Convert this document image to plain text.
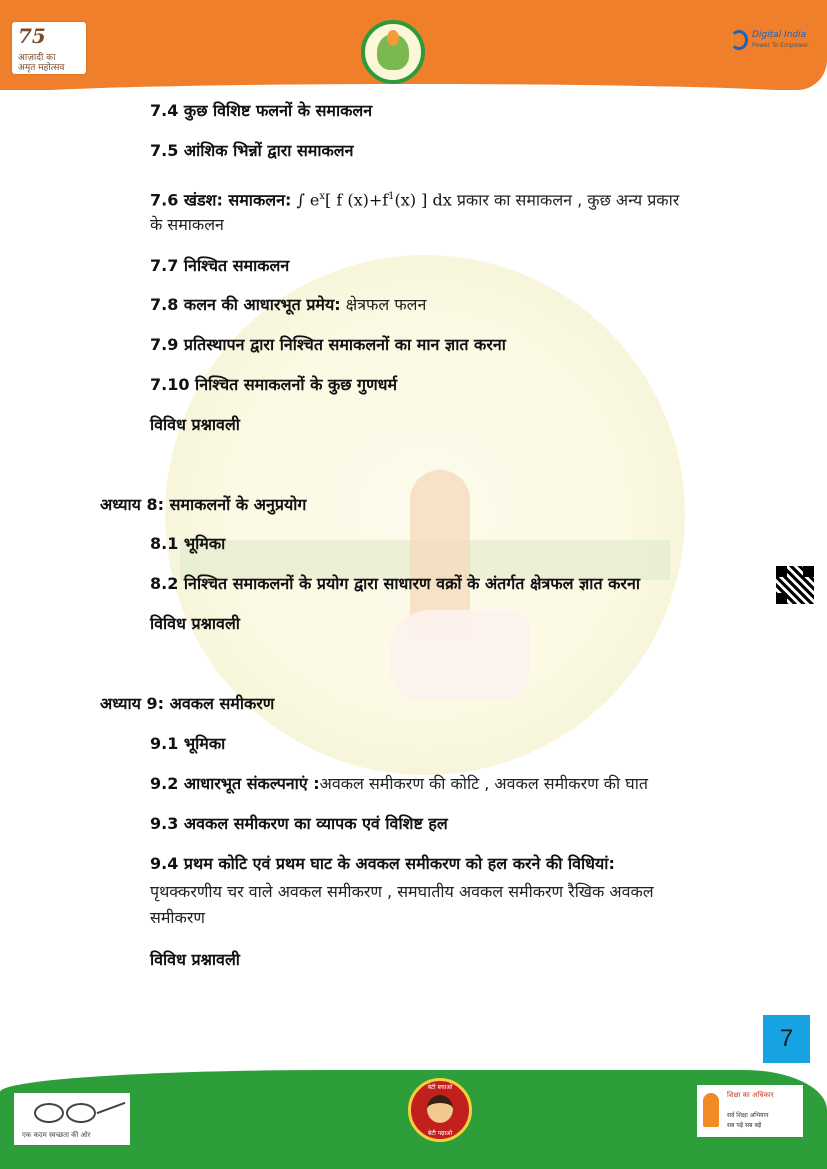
75
आज़ादी का
अमृत महोत्सव
Digital India
Power To Empower
7.4 कुछ विशिष्ट फलनों के समाकलन
7.5 आंशिक भिन्नों द्वारा समाकलन
7.6 खंडश: समाकलन: ∫ $e^x$[ f $(x)+f^1(x)$ ] dx प्रकार का समाकलन , कुछ अन्य प्रकार
के समाकलन
7.7 निश्चित समाकलन
7.8 कलन की आधारभूत प्रमेय: क्षेत्रफल फलन
7.9 प्रतिस्थापन द्वारा निश्चित समाकलनों का मान ज्ञात करना
7.10 निश्चित समाकलनों के कुछ गुणधर्म
विविध प्रश्नावली
अध्याय 8: समाकलनों के अनुप्रयोग
8.1 भूमिका
8.2 निश्चित समाकलनों के प्रयोग द्वारा साधारण वक्रों के अंतर्गत क्षेत्रफल ज्ञात करना
विविध प्रश्नावली
अध्याय 9: अवकल समीकरण
9.1 भूमिका
9.2 आधारभूत संकल्पनाएं :अवकल समीकरण की कोटि , अवकल समीकरण की घात
9.3 अवकल समीकरण का व्यापक एवं विशिष्ट हल
9.4 प्रथम कोटि एवं प्रथम घाट के अवकल समीकरण को हल करने की विधियां:
पृथक्करणीय चर वाले अवकल समीकरण , समघातीय अवकल समीकरण रैखिक अवकल
समीकरण
विविध प्रश्नावली
7
एक कदम स्वच्छता की ओर
बेटी बचाओ
बेटी पढ़ाओ
शिक्षा का अधिकार
सर्व शिक्षा अभियान
सब पढ़ें सब बढ़ें
